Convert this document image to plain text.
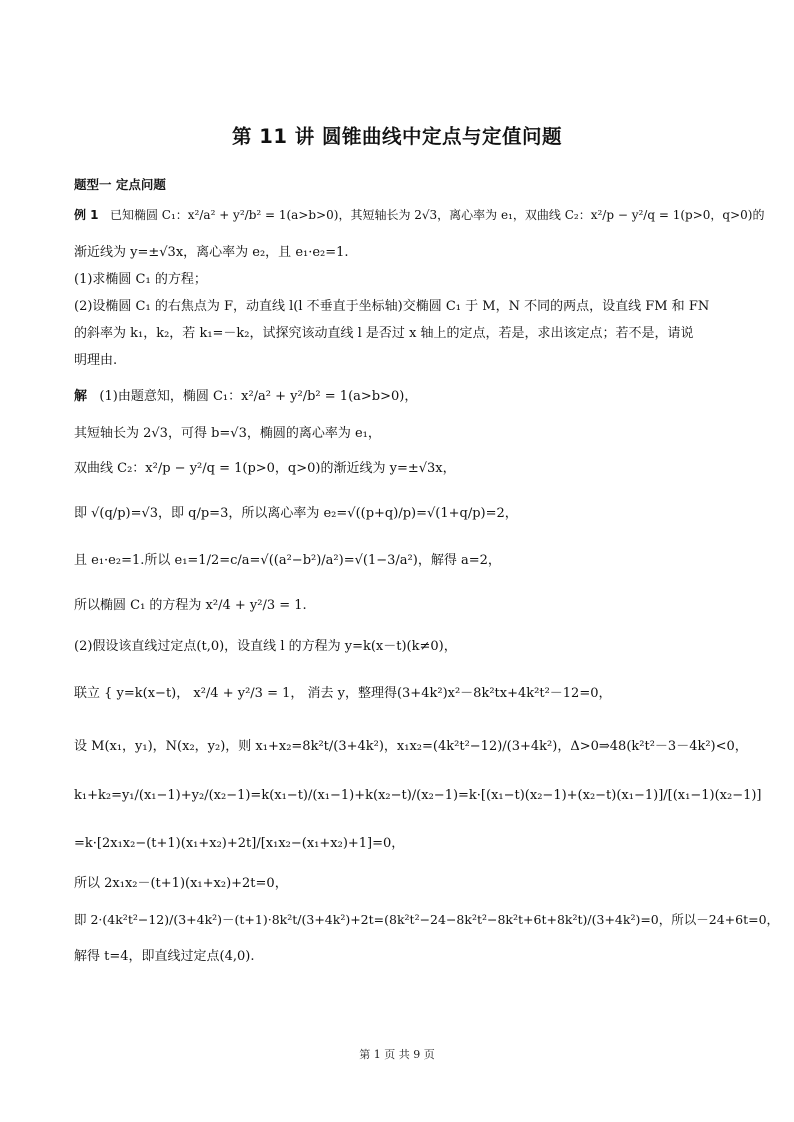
第 11 讲 圆锥曲线中定点与定值问题
题型一 定点问题
例 1 已知椭圆 C₁：x²/a² + y²/b² = 1(a>b>0)，其短轴长为 2√3，离心率为 e₁，双曲线 C₂：x²/p − y²/q = 1(p>0，q>0)的
渐近线为 y=±√3x，离心率为 e₂，且 e₁·e₂=1.
(1)求椭圆 C₁ 的方程；
(2)设椭圆 C₁ 的右焦点为 F，动直线 l(l 不垂直于坐标轴)交椭圆 C₁ 于 M，N 不同的两点，设直线 FM 和 FN
的斜率为 k₁，k₂，若 k₁=－k₂，试探究该动直线 l 是否过 x 轴上的定点，若是，求出该定点；若不是，请说
明理由.
解 (1)由题意知，椭圆 C₁：x²/a² + y²/b² = 1(a>b>0)，
其短轴长为 2√3，可得 b=√3，椭圆的离心率为 e₁，
双曲线 C₂：x²/p − y²/q = 1(p>0，q>0)的渐近线为 y=±√3x，
即 √(q/p)=√3，即 q/p=3，所以离心率为 e₂=√((p+q)/p)=√(1+q/p)=2，
且 e₁·e₂=1.所以 e₁=1/2=c/a=√((a²−b²)/a²)=√(1−3/a²)，解得 a=2，
所以椭圆 C₁ 的方程为 x²/4 + y²/3 = 1.
(2)假设该直线过定点(t,0)，设直线 l 的方程为 y=k(x－t)(k≠0)，
联立 { y=k(x−t)， x²/4 + y²/3 = 1， 消去 y，整理得(3+4k²)x²－8k²tx+4k²t²－12=0，
设 M(x₁，y₁)，N(x₂，y₂)，则 x₁+x₂=8k²t/(3+4k²)，x₁x₂=(4k²t²−12)/(3+4k²)，Δ>0⇒48(k²t²－3－4k²)<0，
k₁+k₂=y₁/(x₁−1)+y₂/(x₂−1)=k(x₁−t)/(x₁−1)+k(x₂−t)/(x₂−1)=k·[(x₁−t)(x₂−1)+(x₂−t)(x₁−1)]/[(x₁−1)(x₂−1)]
=k·[2x₁x₂−(t+1)(x₁+x₂)+2t]/[x₁x₂−(x₁+x₂)+1]=0，
所以 2x₁x₂－(t+1)(x₁+x₂)+2t=0，
即 2·(4k²t²−12)/(3+4k²)－(t+1)·8k²t/(3+4k²)+2t=(8k²t²−24−8k²t²−8k²t+6t+8k²t)/(3+4k²)=0，所以－24+6t=0，
解得 t=4，即直线过定点(4,0).
第 1 页 共 9 页
